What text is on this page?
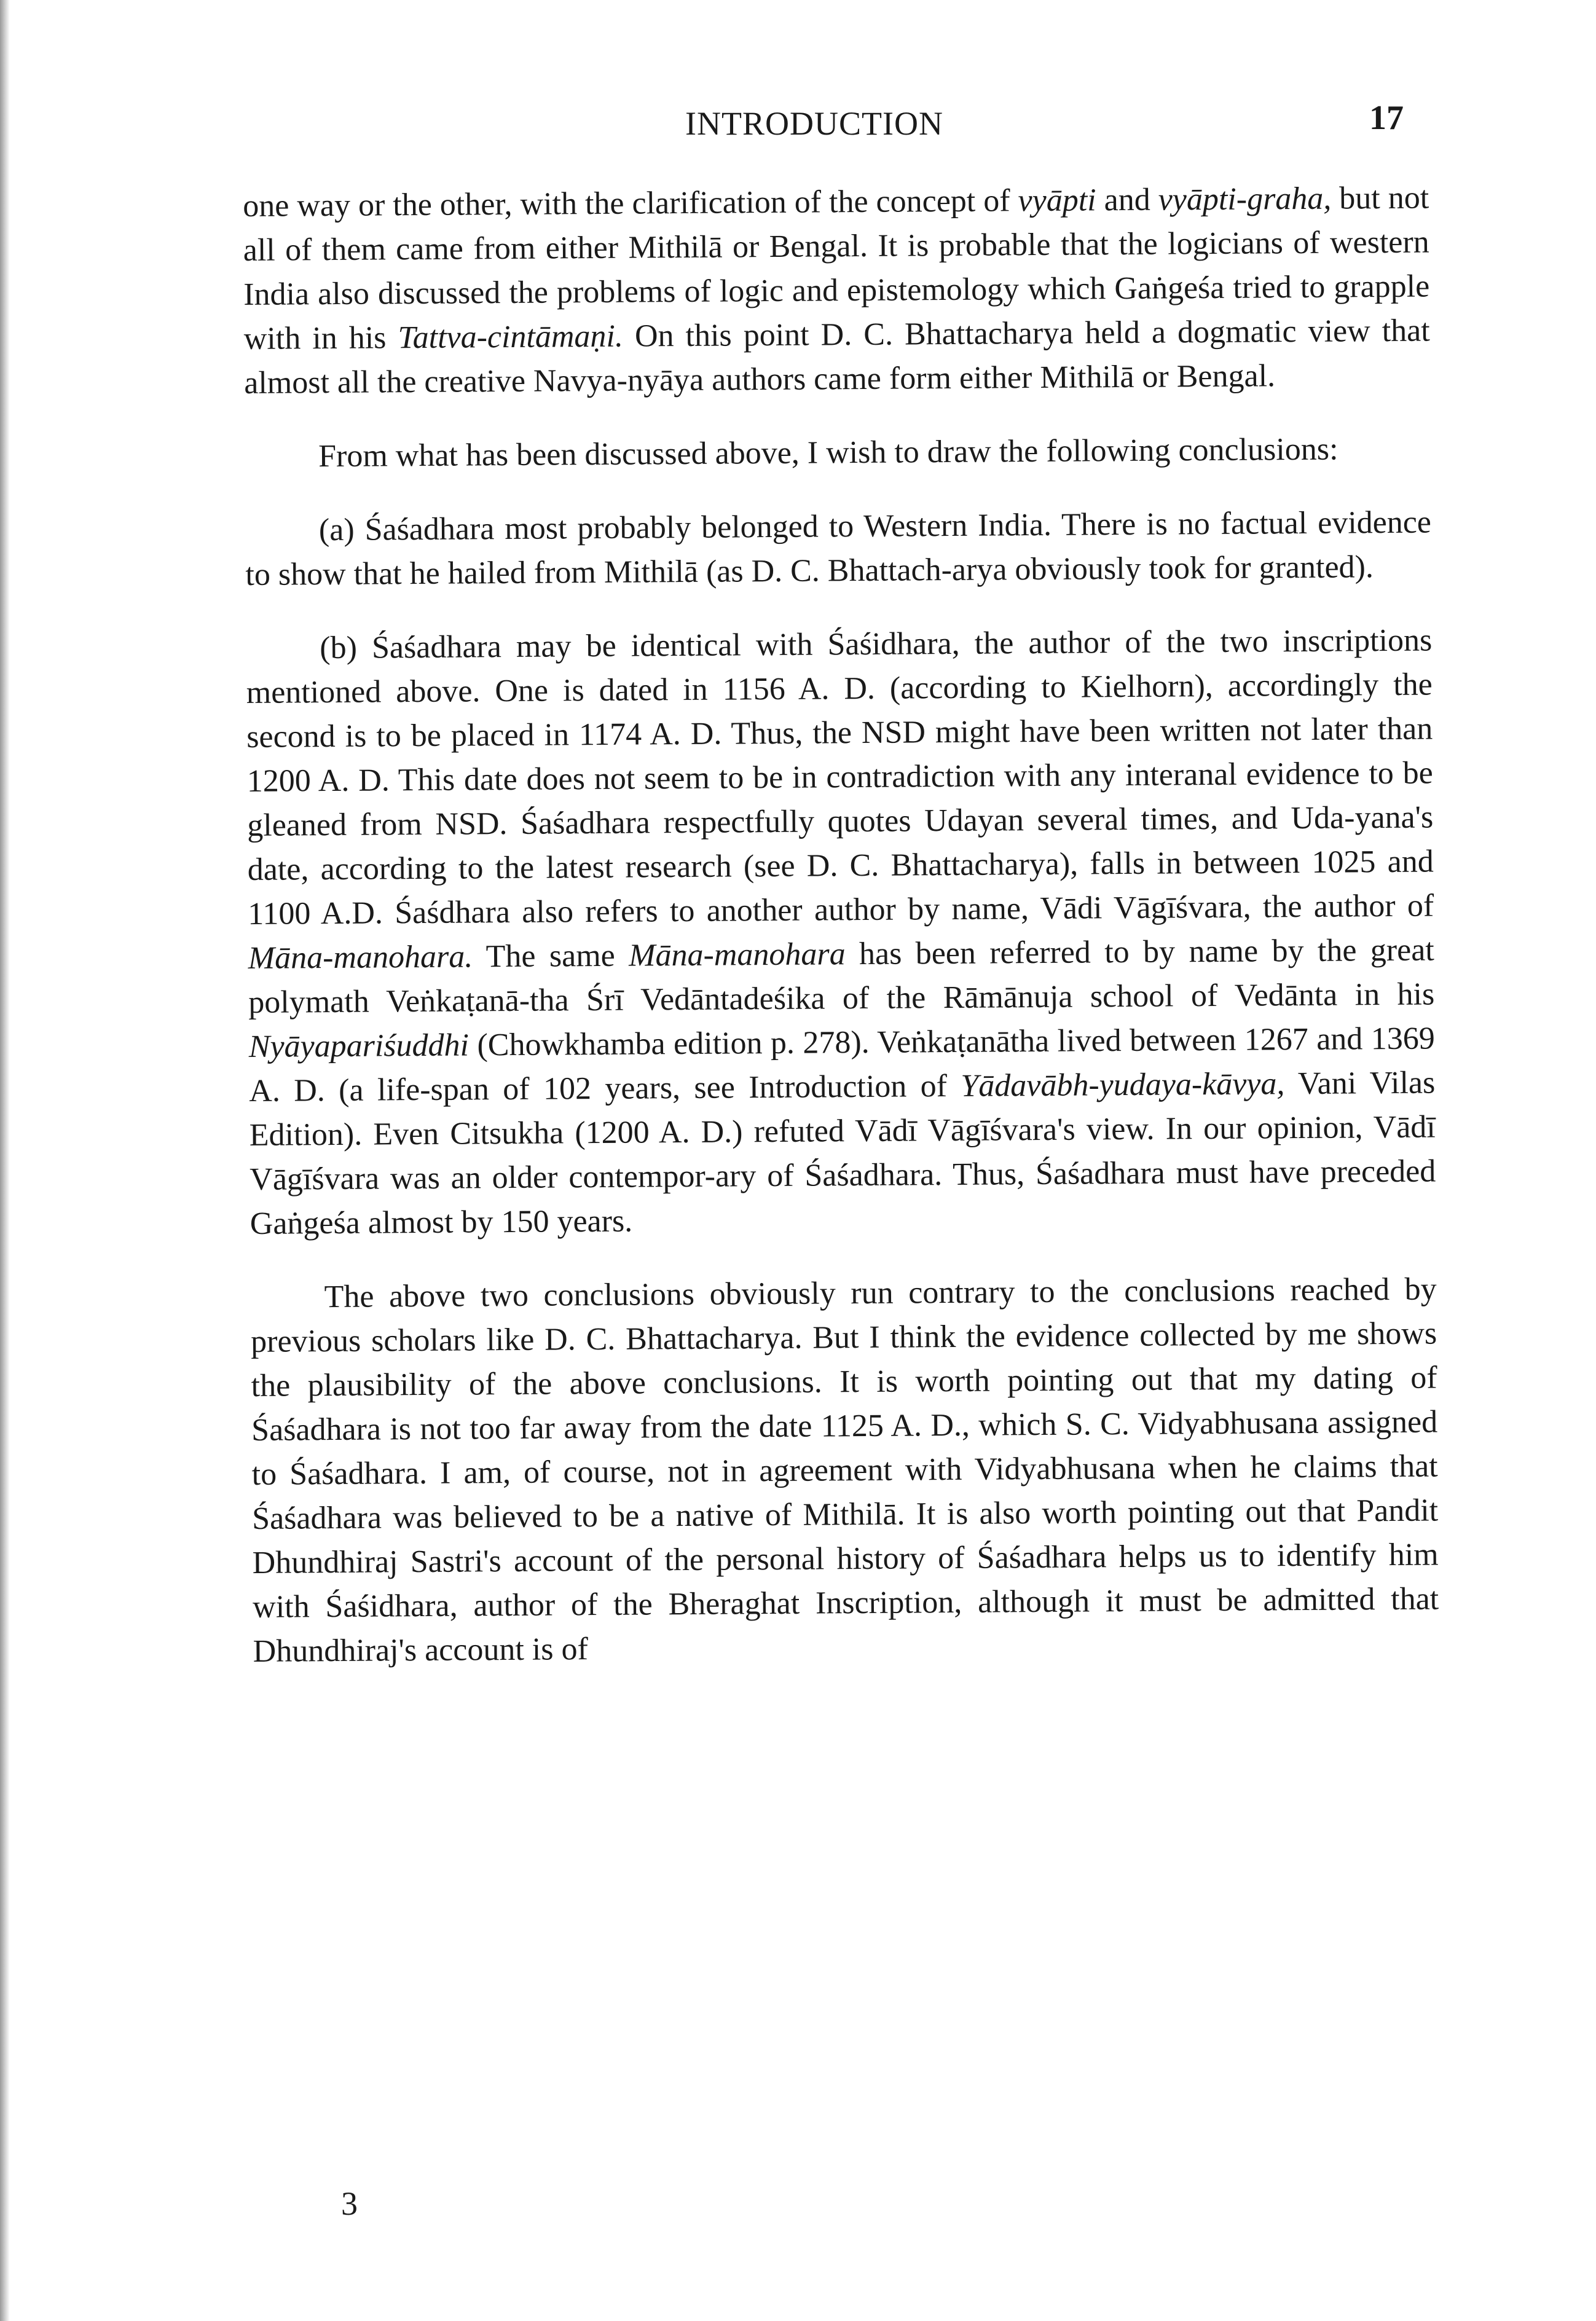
INTRODUCTION	17

one way or the other, with the clarification of the concept of vyāpti and vyāpti-graha, but not all of them came from either Mithilā or Bengal. It is probable that the logicians of western India also discussed the problems of logic and epistemology which Gaṅgeśa tried to grapple with in his Tattva-cintāmaṇi. On this point D. C. Bhattacharya held a dogmatic view that almost all the creative Navya-nyāya authors came form either Mithilā or Bengal.

From what has been discussed above, I wish to draw the following conclusions:

(a) Śaśadhara most probably belonged to Western India. There is no factual evidence to show that he hailed from Mithilā (as D. C. Bhattach-arya obviously took for granted).

(b) Śaśadhara may be identical with Śaśidhara, the author of the two inscriptions mentioned above. One is dated in 1156 A. D. (according to Kielhorn), accordingly the second is to be placed in 1174 A. D. Thus, the NSD might have been written not later than 1200 A. D. This date does not seem to be in contradiction with any interanal evidence to be gleaned from NSD. Śaśadhara respectfully quotes Udayan several times, and Uda-yana's date, according to the latest research (see D. C. Bhattacharya), falls in between 1025 and 1100 A.D. Śaśdhara also refers to another author by name, Vādi Vāgīśvara, the author of Māna-manohara. The same Māna-manohara has been referred to by name by the great polymath Veṅkaṭanā-tha Śrī Vedāntadeśika of the Rāmānuja school of Vedānta in his Nyāyapariśuddhi (Chowkhamba edition p. 278). Veṅkaṭanātha lived between 1267 and 1369 A. D. (a life-span of 102 years, see Introduction of Yādavābh-yudaya-kāvya, Vani Vilas Edition). Even Citsukha (1200 A. D.) refuted Vādī Vāgīśvara's view. In our opinion, Vādī Vāgīśvara was an older contempor-ary of Śaśadhara. Thus, Śaśadhara must have preceded Gaṅgeśa almost by 150 years.

The above two conclusions obviously run contrary to the conclusions reached by previous scholars like D. C. Bhattacharya. But I think the evidence collected by me shows the plausibility of the above conclusions. It is worth pointing out that my dating of Śaśadhara is not too far away from the date 1125 A. D., which S. C. Vidyabhusana assigned to Śaśadhara. I am, of course, not in agreement with Vidyabhusana when he claims that Śaśadhara was believed to be a native of Mithilā. It is also worth pointing out that Pandit Dhundhiraj Sastri's account of the personal history of Śaśadhara helps us to identify him with Śaśidhara, author of the Bheraghat Inscription, although it must be admitted that Dhundhiraj's account is of

3
